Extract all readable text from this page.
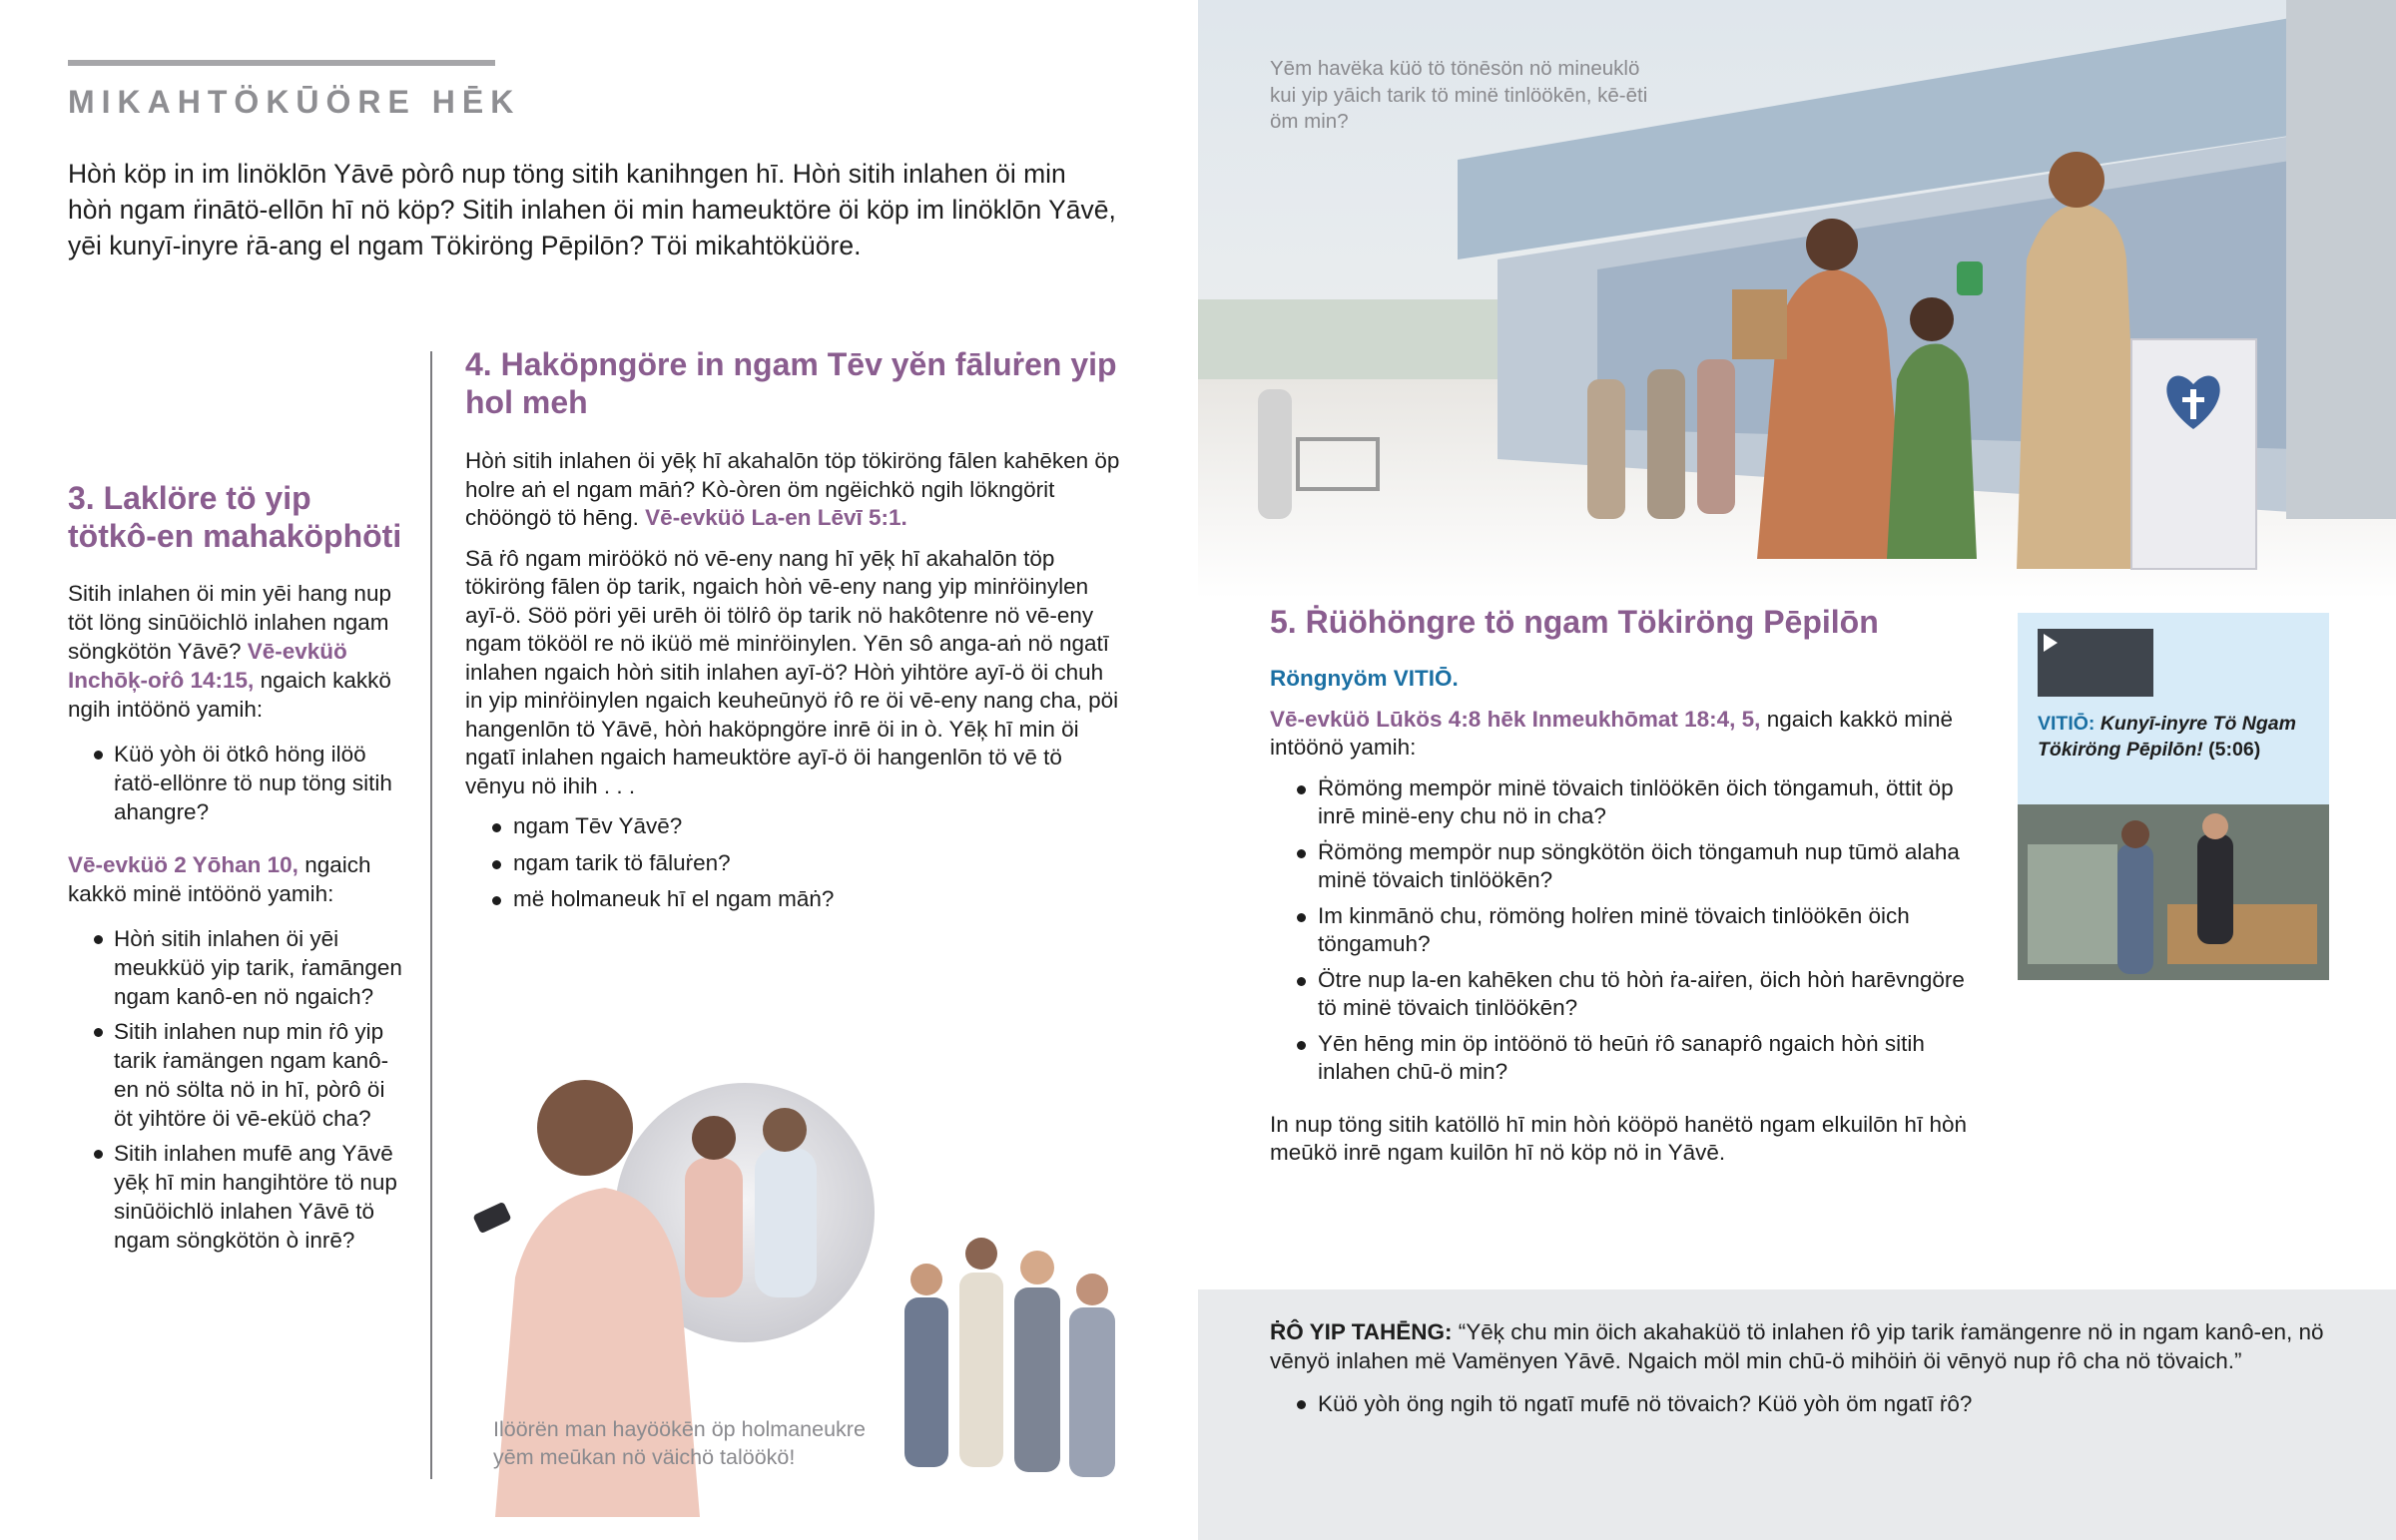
MIKAHTÖKŪÖRE HĒK

Hòṅ köp in im linöklōn Yāvē pòrô nup töng sitih kanihngen hī. Hòṅ sitih inlahen öi min hòṅ ngam ṙinātö-ellōn hī nö köp? Sitih inlahen öi min hameuktöre öi köp im linöklōn Yāvē, yēi kunyī-inyre ṙā-ang el ngam Tökiröng Pēpilōn? Töi mikahtöküöre.

3. Laklöre tö yip tötkô-en mahaköphöti

Sitih inlahen öi min yēi hang nup töt löng sinūöichlö inlahen ngam söngkötön Yāvē? Vē-evküö Inchōķ-oṙô 14:15, ngaich kakkö ngih intöönö yamih:

Küö yòh öi ötkô höng ilöö ṙatö-ellönre tö nup töng sitih ahangre?

Vē-evküö 2 Yōhan 10, ngaich kakkö minë intöönö yamih:

Hòṅ sitih inlahen öi yēi meukküö yip tarik, ṙamāngen ngam kanô-en nö ngaich?
Sitih inlahen nup min ṙô yip tarik ṙamängen ngam kanô-en nö sölta nö in hī, pòrô öi öt yihtöre öi vē-eküö cha?
Sitih inlahen mufē ang Yāvē yēķ hī min hangihtöre tö nup sinūöichlö inlahen Yāvē tö ngam söngkötön ò inrē?
4. Haköpngöre in ngam Tēv yĕn fāluṙen yip hol meh

Hòṅ sitih inlahen öi yēķ hī akahalōn töp tökiröng fālen kahēken öp holre aṅ el ngam māṅ? Kò-òren öm ngëichkö ngih lökngörit chööngö tö hēng. Vē-evküö La-en Lēvī 5:1.

Sā ṙô ngam miröökö nö vē-eny nang hī yēķ hī akahalōn töp tökiröng fālen öp tarik, ngaich hòṅ vē-eny nang yip minṙöinylen ayī-ö. Söö pöri yēi urēh öi tölṙô öp tarik nö hakôtenre nö vē-eny ngam tökööl re nö iküö më minṙöinylen. Yēn sô anga-aṅ nö ngatī inlahen ngaich hòṅ sitih inlahen ayī-ö? Hòṅ yihtöre ayī-ö öi chuh in yip minṙöinylen ngaich keuheūnyö ṙô re öi vē-eny nang cha, pöi hangenlōn tö Yāvē, hòṅ haköpngöre inrē öi in ò. Yēķ hī min öi ngatī inlahen ngaich hameuktöre ayī-ö öi hangenlōn tö vē tö vēnyu nö ihih . . .

ngam Tēv Yāvē?
ngam tarik tö fāluṙen?
më holmaneuk hī el ngam māṅ?

Ilöörën man hayöökēn öp holmaneukre yēm meūkan nö väichö talöökö!

Yēm havëka küö tö tönēsön nö mineuklö kui yip yāich tarik tö minë tinlöökēn, kē-ēti öm min?

5. Ṙüöhöngre tö ngam Tökiröng Pēpilōn

Röngnyöm VITIŌ.

Vē-evküö Lūkös 4:8 hēk Inmeukhōmat 18:4, 5, ngaich kakkö minë intöönö yamih:

Ṙömöng mempör minë tövaich tinlöökēn öich töngamuh, öttit öp inrē minë-eny chu nö in cha?
Ṙömöng mempör nup söngkötön öich töngamuh nup tūmö alaha minë tövaich tinlöökēn?
Im kinmānö chu, römöng holṙen minë tövaich tinlöökēn öich töngamuh?
Ötre nup la-en kahēken chu tö hòṅ ṙa-aiṙen, öich hòṅ harēvngöre tö minë tövaich tinlöökēn?
Yēn hēng min öp intöönö tö heūṅ ṙô sanapṙô ngaich hòṅ sitih inlahen chū-ö min?

In nup töng sitih katöllö hī min hòṅ kööpö hanëtö ngam elkuilōn hī hòṅ meūkö inrē ngam kuilōn hī nö köp nö in Yāvē.

VITIŌ: Kunyī-inyre Tö Ngam Tökiröng Pēpilōn! (5:06)

ṘÔ YIP TAHĒNG: “Yēķ chu min öich akahaküö tö inlahen ṙô yip tarik ṙamängenre nö in ngam kanô-en, nö vēnyö inlahen më Vamënyen Yāvē. Ngaich möl min chū-ö mihöiṅ öi vēnyö nup ṙô cha nö tövaich.”

Küö yòh öng ngih tö ngatī mufē nö tövaich? Küö yòh öm ngatī ṙô?
